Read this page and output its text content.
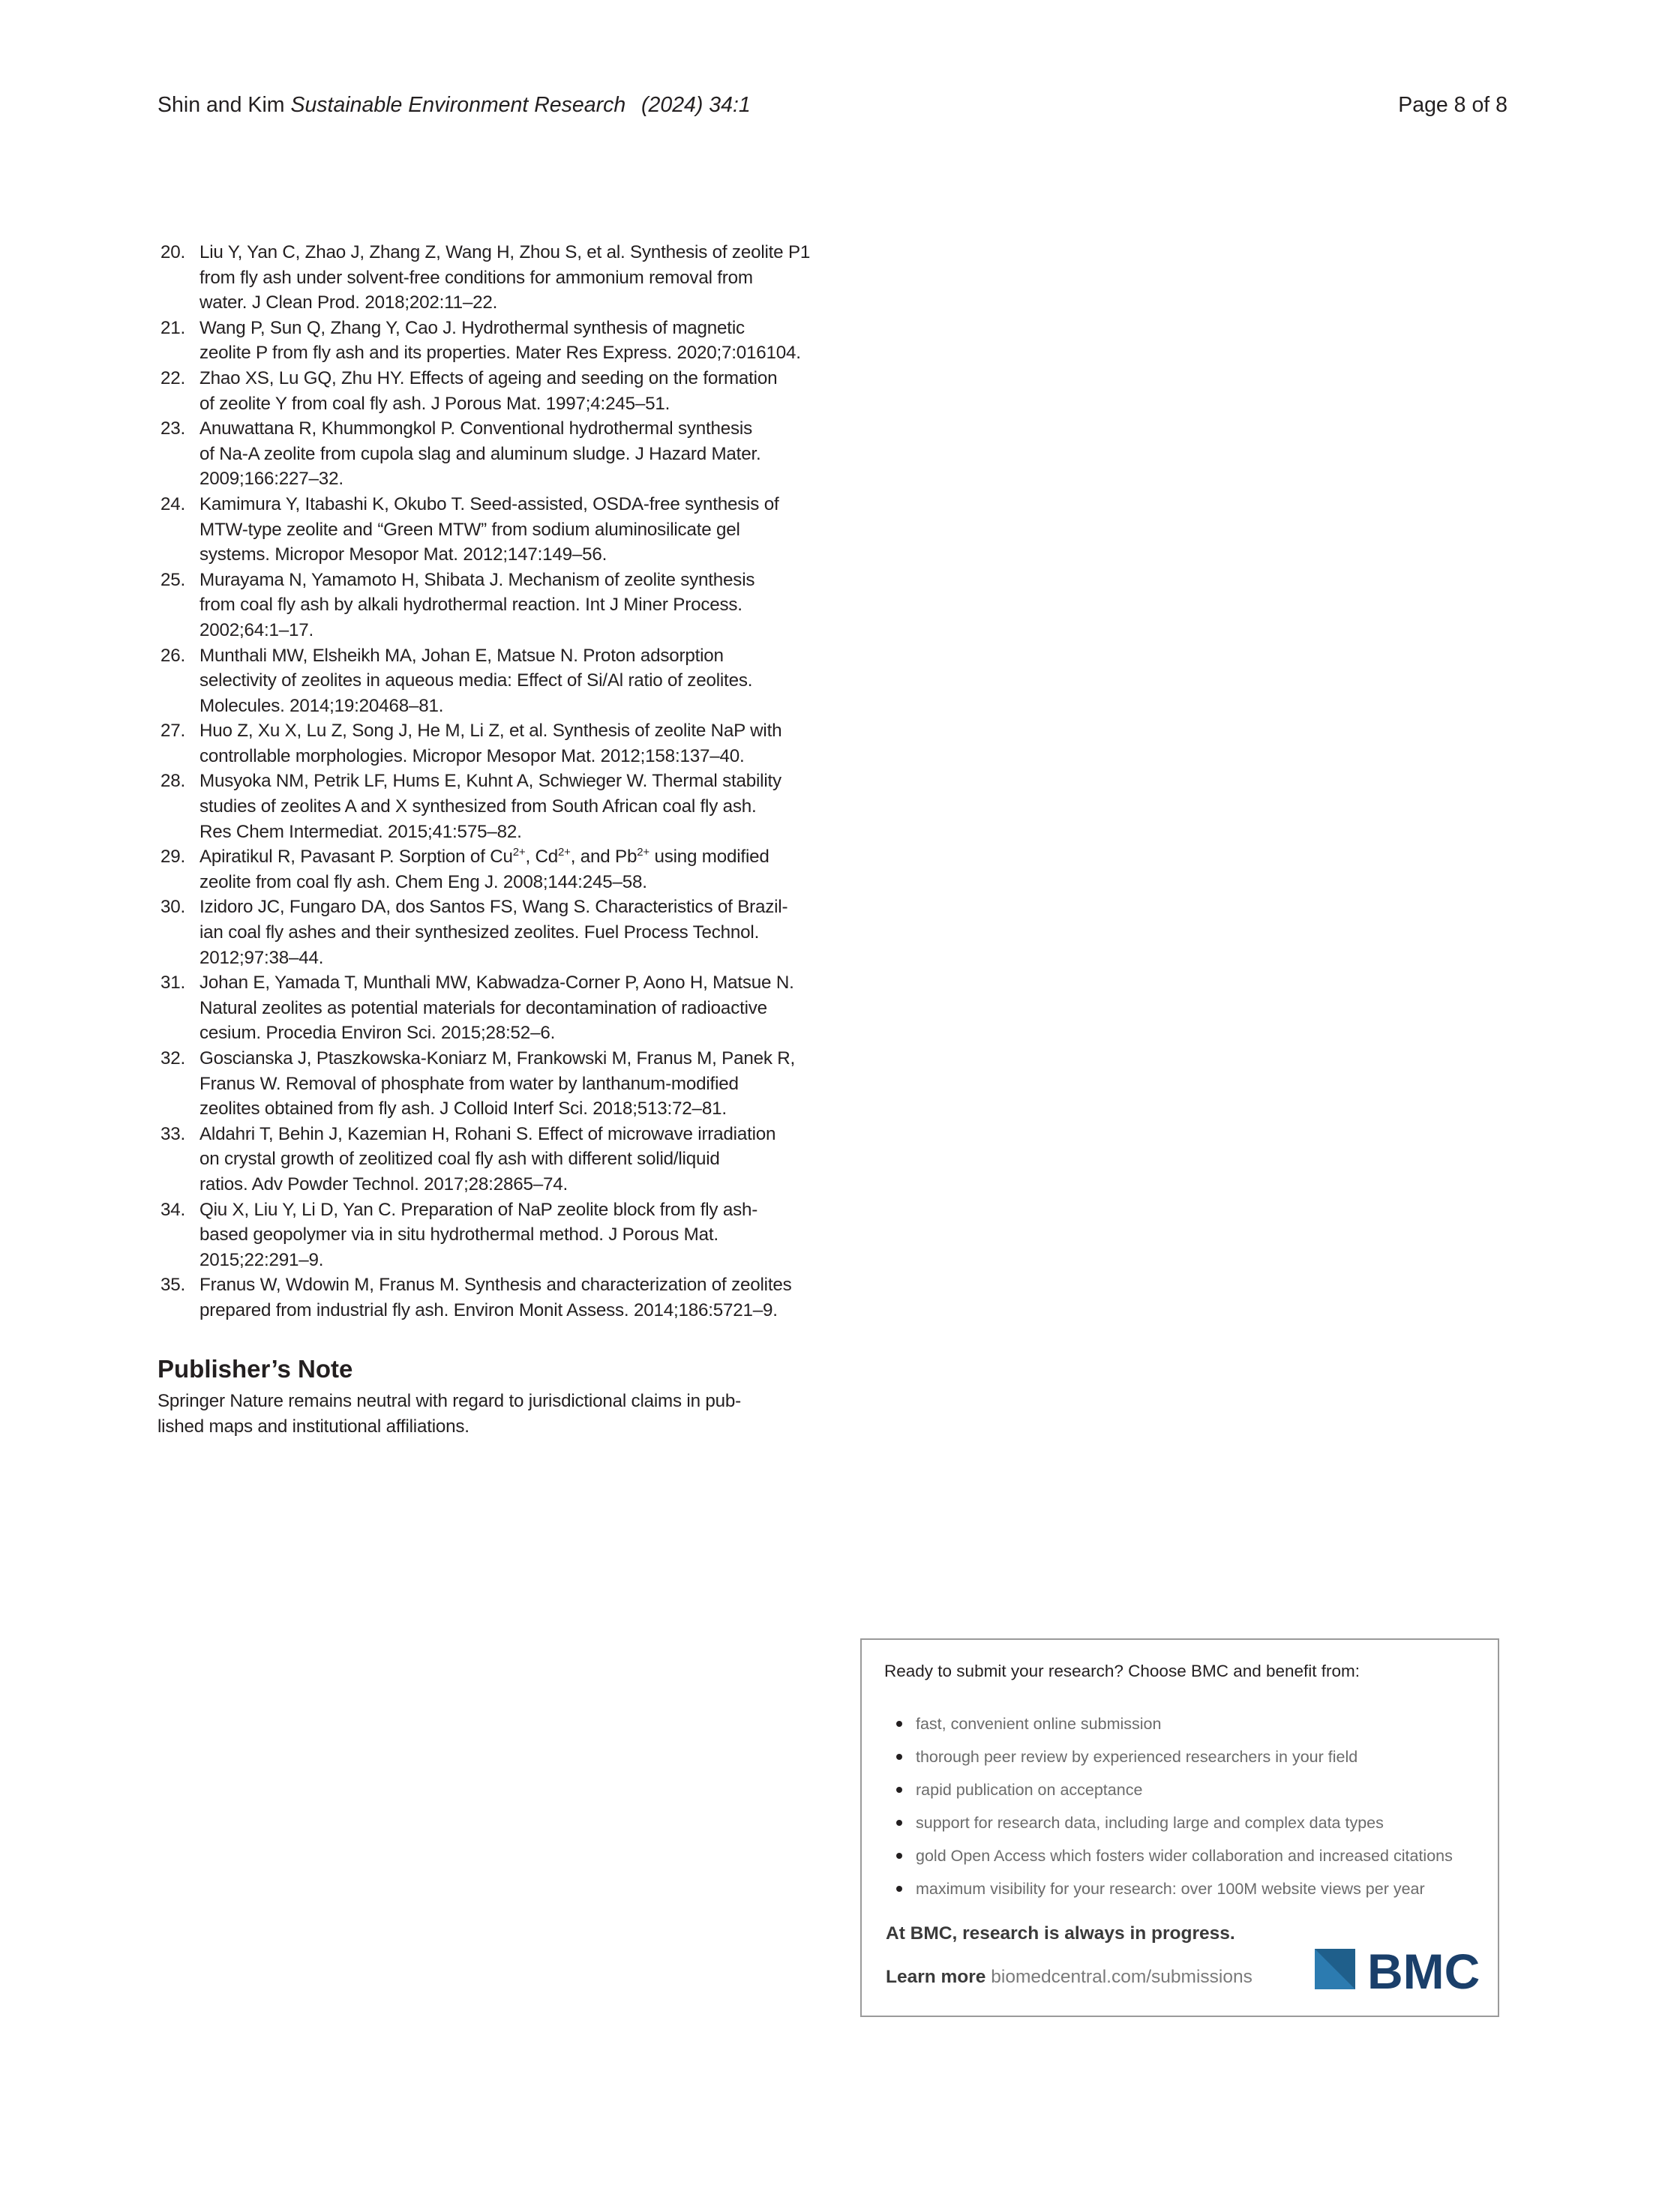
Shin and Kim Sustainable Environment Research (2024) 34:1	Page 8 of 8
20. Liu Y, Yan C, Zhao J, Zhang Z, Wang H, Zhou S, et al. Synthesis of zeolite P1
from fly ash under solvent-free conditions for ammonium removal from
water. J Clean Prod. 2018;202:11–22.
21. Wang P, Sun Q, Zhang Y, Cao J. Hydrothermal synthesis of magnetic
zeolite P from fly ash and its properties. Mater Res Express. 2020;7:016104.
22. Zhao XS, Lu GQ, Zhu HY. Effects of ageing and seeding on the formation
of zeolite Y from coal fly ash. J Porous Mat. 1997;4:245–51.
23. Anuwattana R, Khummongkol P. Conventional hydrothermal synthesis
of Na-A zeolite from cupola slag and aluminum sludge. J Hazard Mater.
2009;166:227–32.
24. Kamimura Y, Itabashi K, Okubo T. Seed-assisted, OSDA-free synthesis of
MTW-type zeolite and “Green MTW” from sodium aluminosilicate gel
systems. Micropor Mesopor Mat. 2012;147:149–56.
25. Murayama N, Yamamoto H, Shibata J. Mechanism of zeolite synthesis
from coal fly ash by alkali hydrothermal reaction. Int J Miner Process.
2002;64:1–17.
26. Munthali MW, Elsheikh MA, Johan E, Matsue N. Proton adsorption
selectivity of zeolites in aqueous media: Effect of Si/Al ratio of zeolites.
Molecules. 2014;19:20468–81.
27. Huo Z, Xu X, Lu Z, Song J, He M, Li Z, et al. Synthesis of zeolite NaP with
controllable morphologies. Micropor Mesopor Mat. 2012;158:137–40.
28. Musyoka NM, Petrik LF, Hums E, Kuhnt A, Schwieger W. Thermal stability
studies of zeolites A and X synthesized from South African coal fly ash.
Res Chem Intermediat. 2015;41:575–82.
29. Apiratikul R, Pavasant P. Sorption of $Cu^{2+}$, $Cd^{2+}$, and $Pb^{2+}$ using modified
zeolite from coal fly ash. Chem Eng J. 2008;144:245–58.
30. Izidoro JC, Fungaro DA, dos Santos FS, Wang S. Characteristics of Brazil-
ian coal fly ashes and their synthesized zeolites. Fuel Process Technol.
2012;97:38–44.
31. Johan E, Yamada T, Munthali MW, Kabwadza-Corner P, Aono H, Matsue N.
Natural zeolites as potential materials for decontamination of radioactive
cesium. Procedia Environ Sci. 2015;28:52–6.
32. Goscianska J, Ptaszkowska-Koniarz M, Frankowski M, Franus M, Panek R,
Franus W. Removal of phosphate from water by lanthanum-modified
zeolites obtained from fly ash. J Colloid Interf Sci. 2018;513:72–81.
33. Aldahri T, Behin J, Kazemian H, Rohani S. Effect of microwave irradiation
on crystal growth of zeolitized coal fly ash with different solid/liquid
ratios. Adv Powder Technol. 2017;28:2865–74.
34. Qiu X, Liu Y, Li D, Yan C. Preparation of NaP zeolite block from fly ash-
based geopolymer via in situ hydrothermal method. J Porous Mat.
2015;22:291–9.
35. Franus W, Wdowin M, Franus M. Synthesis and characterization of zeolites
prepared from industrial fly ash. Environ Monit Assess. 2014;186:5721–9.
Publisher’s Note

Springer Nature remains neutral with regard to jurisdictional claims in pub-
lished maps and institutional affiliations.

Ready to submit your research? Choose BMC and benefit from:

fast, convenient online submission
thorough peer review by experienced researchers in your field
rapid publication on acceptance
support for research data, including large and complex data types
gold Open Access which fosters wider collaboration and increased citations
maximum visibility for your research: over 100M website views per year

At BMC, research is always in progress.

Learn more biomedcentral.com/submissions BMC
